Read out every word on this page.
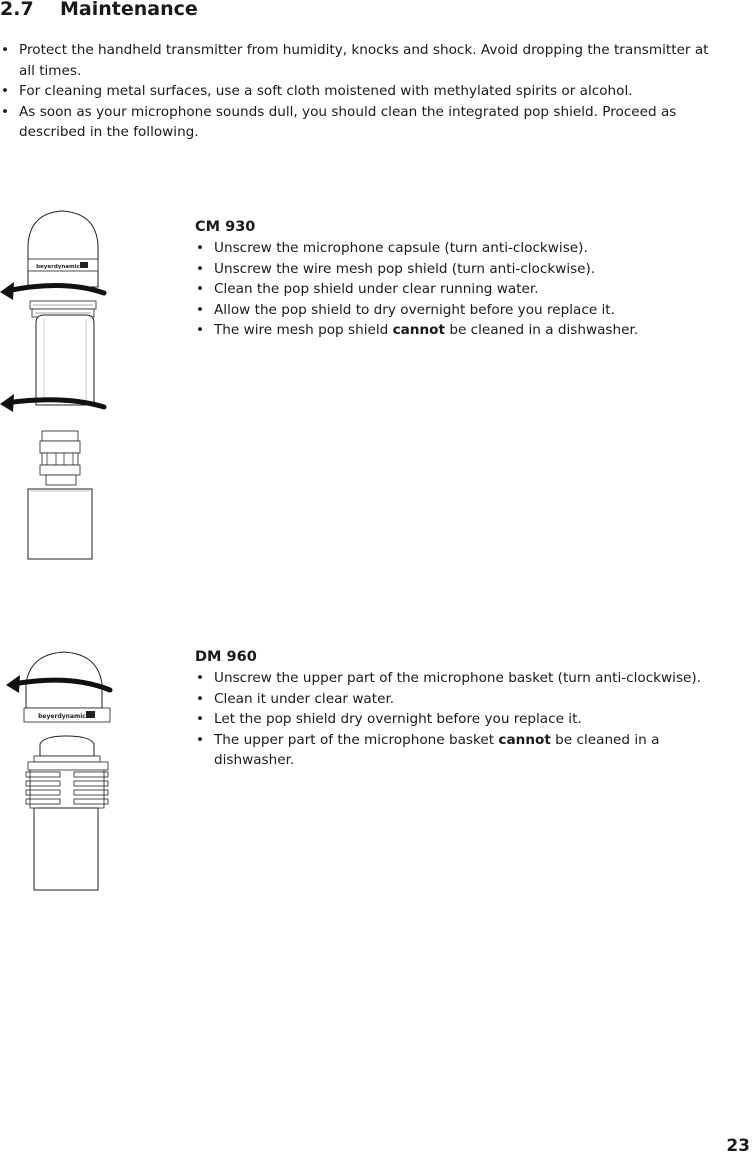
2.7 Maintenance
• Protect the handheld transmitter from humidity, knocks and shock. Avoid dropping the transmitter at all times.
• For cleaning metal surfaces, use a soft cloth moistened with methylated spirits or alcohol.
• As soon as your microphone sounds dull, you should clean the integrated pop shield. Proceed as described in the following.
beyerdynamic
CM 930
• Unscrew the microphone capsule (turn anti-clockwise).
• Unscrew the wire mesh pop shield (turn anti-clockwise).
• Clean the pop shield under clear running water.
• Allow the pop shield to dry overnight before you replace it.
• The wire mesh pop shield cannot be cleaned in a dishwasher.
beyerdynamic
DM 960
• Unscrew the upper part of the microphone basket (turn anti-clockwise).
• Clean it under clear water.
• Let the pop shield dry overnight before you replace it.
• The upper part of the microphone basket cannot be cleaned in a dishwasher.
23
